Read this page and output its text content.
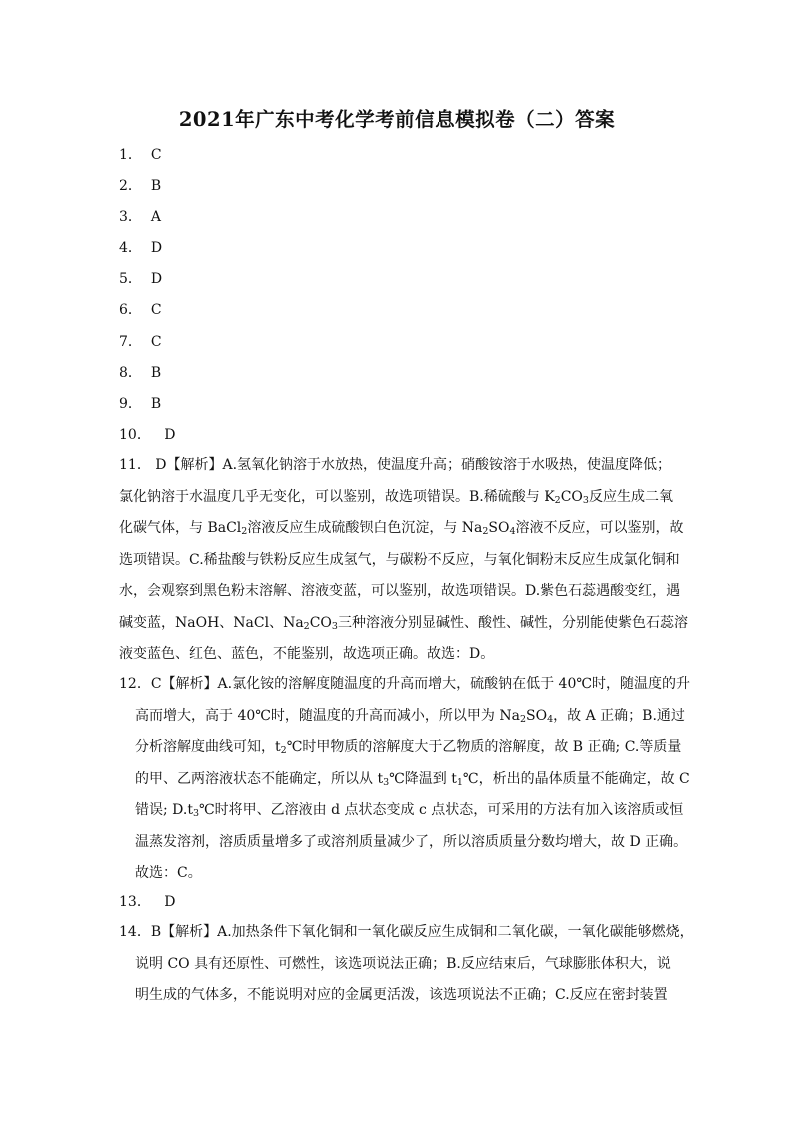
2021年广东中考化学考前信息模拟卷（二）答案
1． C
2． B
3． A
4． D
5． D
6． C
7． C
8． B
9． B
10． D
11． D【解析】A.氢氧化钠溶于水放热，使温度升高；硝酸铵溶于水吸热，使温度降低；
氯化钠溶于水温度几乎无变化，可以鉴别，故选项错误。B.稀硫酸与 $K_2CO_3$反应生成二氧
化碳气体，与 BaCl$_2$溶液反应生成硫酸钡白色沉淀，与 $Na_2SO_4$溶液不反应，可以鉴别，故
选项错误。C.稀盐酸与铁粉反应生成氢气，与碳粉不反应，与氧化铜粉末反应生成氯化铜和
水，会观察到黑色粉末溶解、溶液变蓝，可以鉴别，故选项错误。D.紫色石蕊遇酸变红，遇
碱变蓝，NaOH、NaCl、$Na_2CO_3$三种溶液分别显碱性、酸性、碱性，分别能使紫色石蕊溶
液变蓝色、红色、蓝色，不能鉴别，故选项正确。故选：D。
12．C【解析】A.氯化铵的溶解度随温度的升高而增大，硫酸钠在低于 40℃时，随温度的升
高而增大，高于 40℃时，随温度的升高而减小，所以甲为 $Na_2SO_4$，故 A 正确；B.通过
分析溶解度曲线可知，$t_2℃$时甲物质的溶解度大于乙物质的溶解度，故 B 正确; C.等质量
的甲、乙两溶液状态不能确定，所以从 $t_3℃$降温到 $t_1℃$，析出的晶体质量不能确定，故 C
错误; $D.t_3℃$时将甲、乙溶液由 d 点状态变成 c 点状态，可采用的方法有加入该溶质或恒
温蒸发溶剂，溶质质量增多了或溶剂质量减少了，所以溶质质量分数均增大，故 D 正确。
故选：C。
13． D
14．B【解析】A.加热条件下氧化铜和一氧化碳反应生成铜和二氧化碳，一氧化碳能够燃烧，
说明 CO 具有还原性、可燃性，该选项说法正确；B.反应结束后，气球膨胀体积大，说
明生成的气体多，不能说明对应的金属更活泼，该选项说法不正确；C.反应在密封装置
